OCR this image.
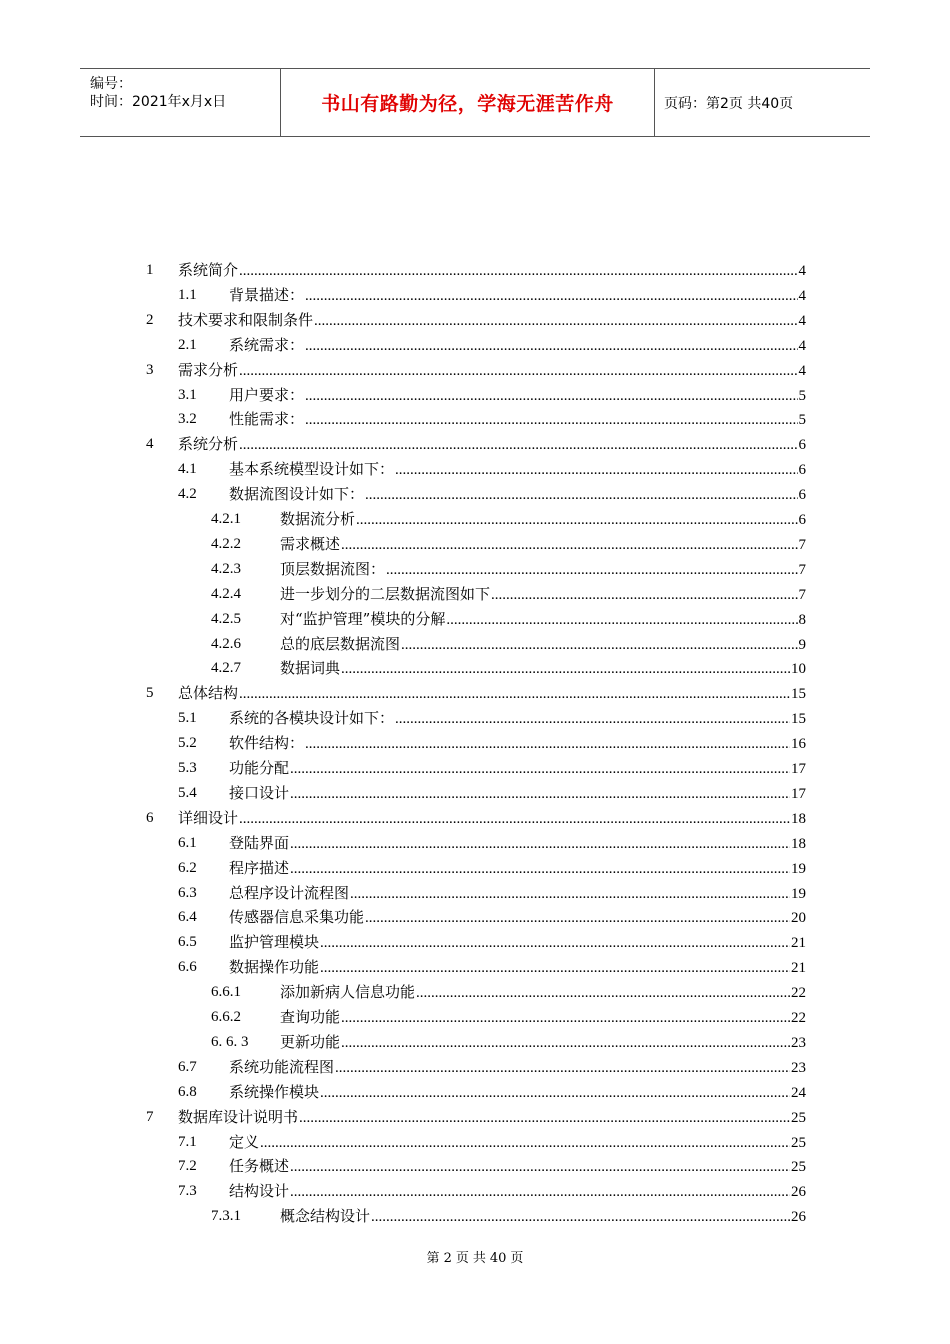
编号：
时间：2021年x月x日	书山有路勤为径，学海无涯苦作舟	页码：第2页 共40页
1 系统简介 .....	4
1.1 背景描述： .....	4
2 技术要求和限制条件 .....	4
2.1 系统需求： .....	4
3 需求分析 .....	4
3.1 用户要求： .....	5
3.2 性能需求： .....	5
4 系统分析 .....	6
4.1 基本系统模型设计如下： .....	6
4.2 数据流图设计如下： .....	6
4.2.1	数据流分析 .....	6
4.2.2	需求概述 .....	7
4.2.3	顶层数据流图： .....	7
4.2.4	进一步划分的二层数据流图如下 .....	7
4.2.5	对“监护管理”模块的分解 .....	8
4.2.6	总的底层数据流图 .....	9
4.2.7	数据词典 .....	10
5 总体结构 .....	15
5.1 系统的各模块设计如下： .....	15
5.2 软件结构： .....	16
5.3 功能分配 .....	17
5.4 接口设计 .....	17
6 详细设计 .....	18
6.1 登陆界面 .....	18
6.2 程序描述 .....	19
6.3 总程序设计流程图 .....	19
6.4 传感器信息采集功能 .....	20
6.5 监护管理模块 .....	21
6.6 数据操作功能 .....	21
6.6.1	添加新病人信息功能 .....	22
6.6.2	查询功能 .....	22
6. 6. 3 更新功能 .....	23
6.7 系统功能流程图 .....	23
6.8 系统操作模块 .....	24
7 数据库设计说明书 .....	25
7.1 定义 .....	25
7.2 任务概述 .....	25
7.3 结构设计 .....	26
7.3.1	概念结构设计 .....	26
第 2 页 共 40 页
